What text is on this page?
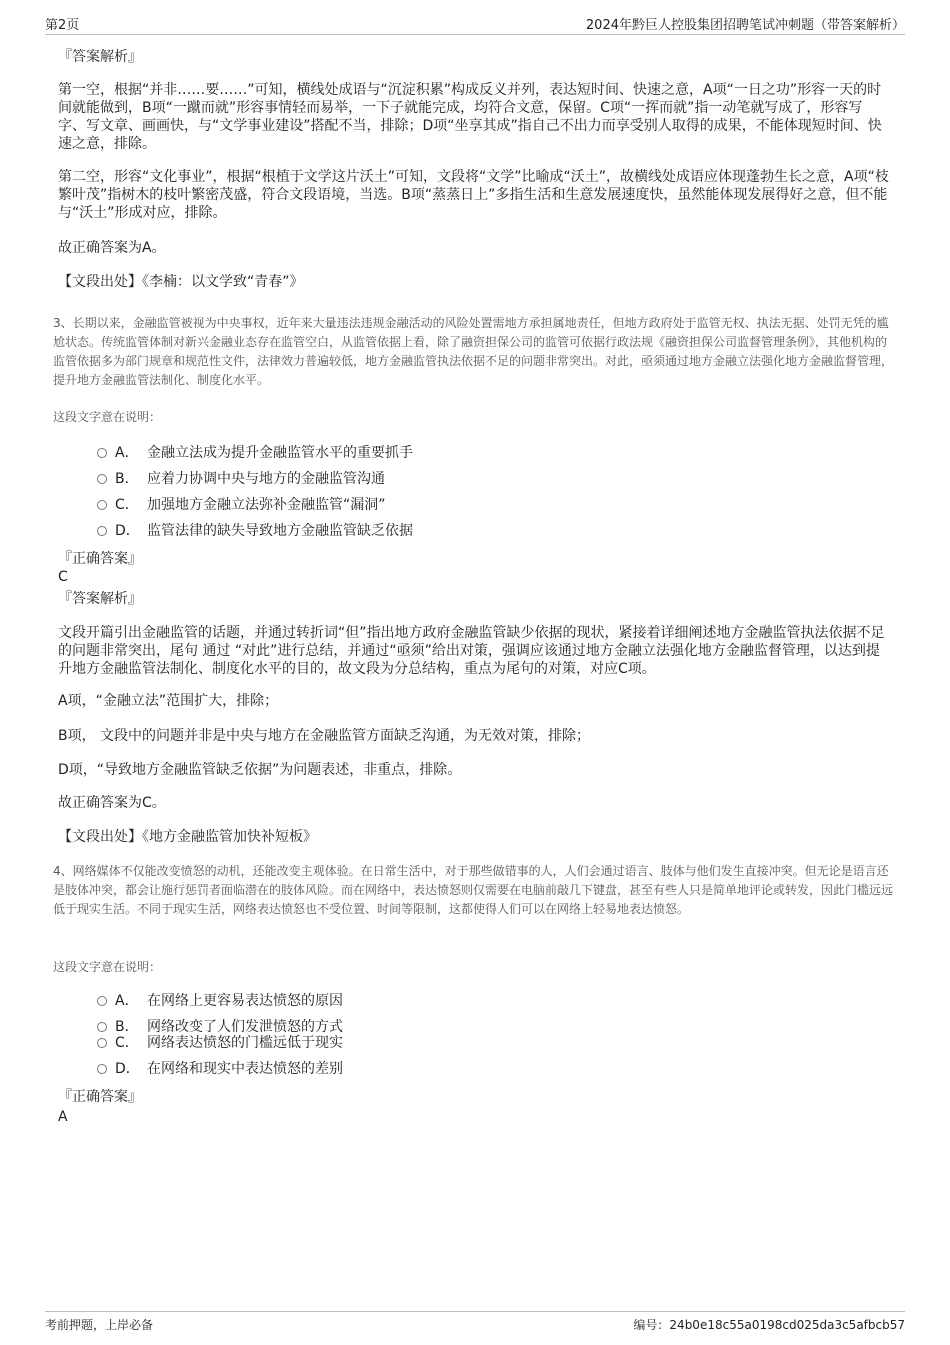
第2页	2024年黔巨人控股集团招聘笔试冲刺题（带答案解析）
『答案解析』
第一空，根据“并非……要……”可知，横线处成语与“沉淀积累”构成反义并列，表达短时间、快速之意，A项“一日之功”形容一天的时间就能做到，B项“一蹴而就”形容事情轻而易举，一下子就能完成，均符合文意，保留。C项“一挥而就”指一动笔就写成了，形容写字、写文章、画画快，与“文学事业建设”搭配不当，排除；D项“坐享其成”指自己不出力而享受别人取得的成果，不能体现短时间、快速之意，排除。
第二空，形容“文化事业”，根据“根植于文学这片沃土”可知，文段将“文学”比喻成“沃土”，故横线处成语应体现蓬勃生长之意，A项“枝繁叶茂”指树木的枝叶繁密茂盛，符合文段语境，当选。B项“蒸蒸日上”多指生活和生意发展速度快，虽然能体现发展得好之意，但不能与“沃土”形成对应，排除。
故正确答案为A。
【文段出处】《李楠：以文学致“青春”》
3、长期以来，金融监管被视为中央事权，近年来大量违法违规金融活动的风险处置需地方承担属地责任，但地方政府处于监管无权、执法无据、处罚无凭的尴尬状态。传统监管体制对新兴金融业态存在监管空白，从监管依据上看，除了融资担保公司的监管可依据行政法规《融资担保公司监督管理条例》，其他机构的监管依据多为部门规章和规范性文件，法律效力普遍较低，地方金融监管执法依据不足的问题非常突出。对此，亟须通过地方金融立法强化地方金融监督管理，提升地方金融监管法制化、制度化水平。
这段文字意在说明：
A． 金融立法成为提升金融监管水平的重要抓手
B． 应着力协调中央与地方的金融监管沟通
C． 加强地方金融立法弥补金融监管“漏洞”
D． 监管法律的缺失导致地方金融监管缺乏依据
『正确答案』
C
『答案解析』
文段开篇引出金融监管的话题，并通过转折词“但”指出地方政府金融监管缺少依据的现状，紧接着详细阐述地方金融监管执法依据不足的问题非常突出，尾句 通过 “对此”进行总结，并通过“亟须”给出对策，强调应该通过地方金融立法强化地方金融监督管理，以达到提升地方金融监管法制化、制度化水平的目的，故文段为分总结构，重点为尾句的对策，对应C项。
A项，“金融立法”范围扩大，排除；
B项， 文段中的问题并非是中央与地方在金融监管方面缺乏沟通，为无效对策，排除；
D项，“导致地方金融监管缺乏依据”为问题表述，非重点，排除。
故正确答案为C。
【文段出处】《地方金融监管加快补短板》
4、网络媒体不仅能改变愤怒的动机，还能改变主观体验。在日常生活中，对于那些做错事的人，人们会通过语言、肢体与他们发生直接冲突。但无论是语言还是肢体冲突，都会让施行惩罚者面临潜在的肢体风险。而在网络中，表达愤怒则仅需要在电脑前敲几下键盘，甚至有些人只是简单地评论或转发，因此门槛远远低于现实生活。不同于现实生活，网络表达愤怒也不受位置、时间等限制，这都使得人们可以在网络上轻易地表达愤怒。
这段文字意在说明：
A． 在网络上更容易表达愤怒的原因
B． 网络改变了人们发泄愤怒的方式
C． 网络表达愤怒的门槛远低于现实
D． 在网络和现实中表达愤怒的差别
『正确答案』
A
考前押题，上岸必备	编号：24b0e18c55a0198cd025da3c5afbcb57
